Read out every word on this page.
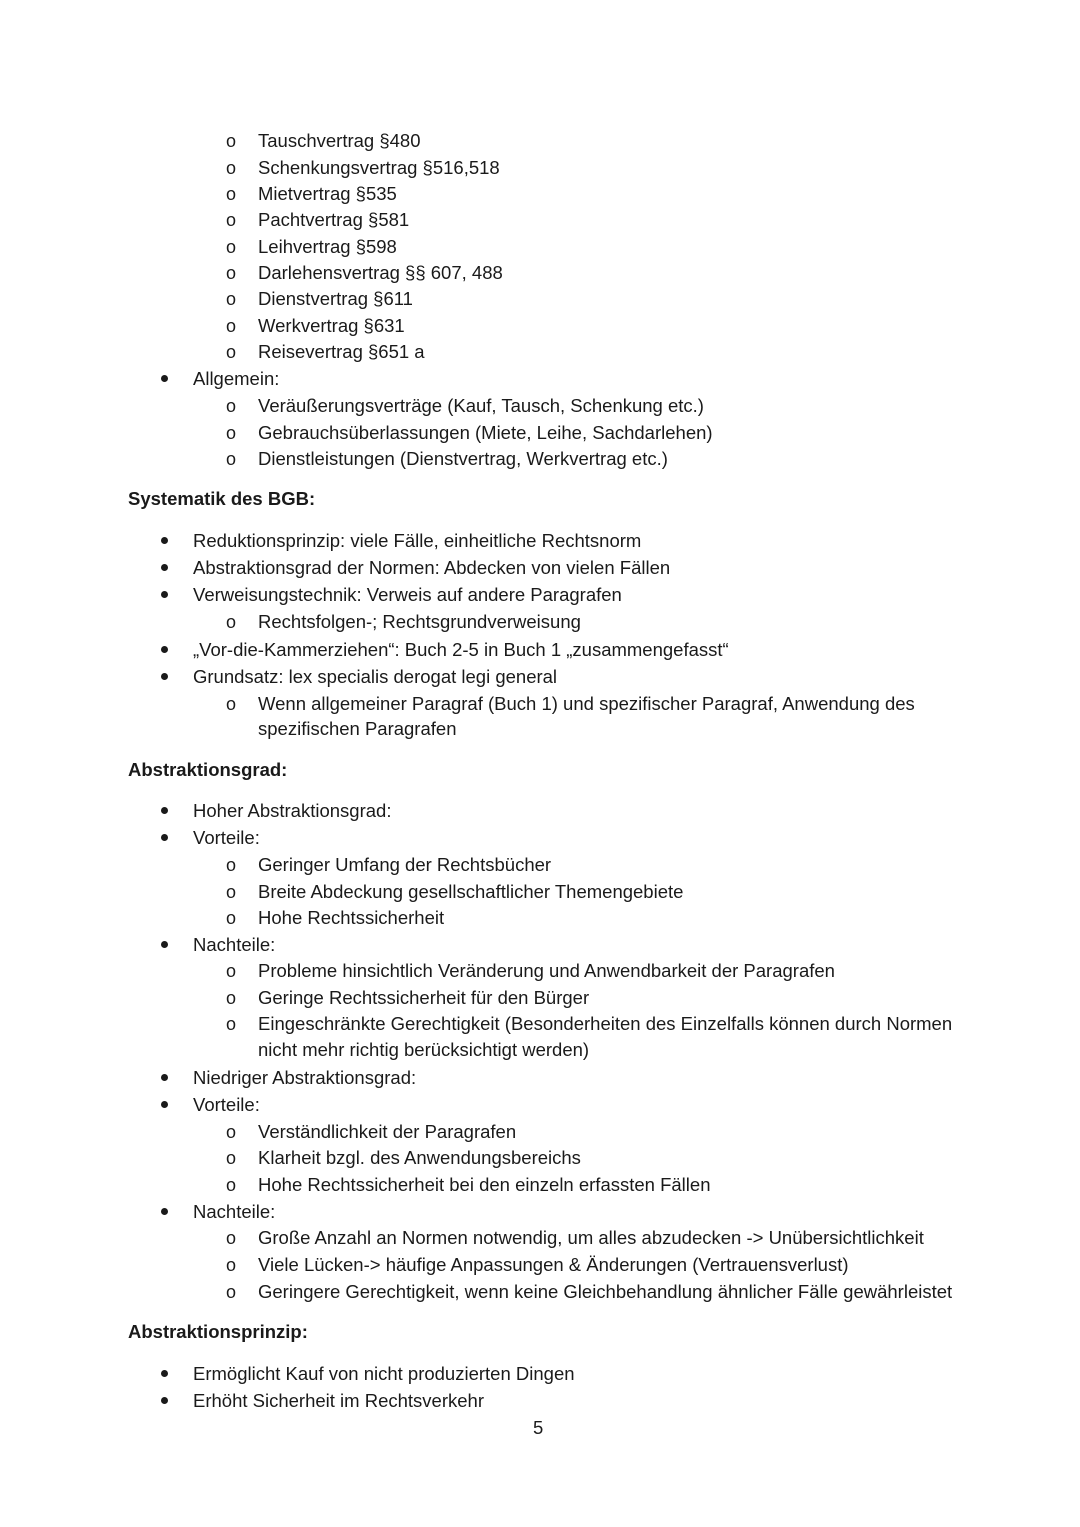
o Tauschvertrag §480
o Schenkungsvertrag §516,518
o Mietvertrag §535
o Pachtvertrag §581
o Leihvertrag §598
o Darlehensvertrag §§ 607, 488
o Dienstvertrag §611
o Werkvertrag §631
o Reisevertrag §651 a
Allgemein:
o Veräußerungsverträge (Kauf, Tausch, Schenkung etc.)
o Gebrauchsüberlassungen (Miete, Leihe, Sachdarlehen)
o Dienstleistungen (Dienstvertrag, Werkvertrag etc.)
Systematik des BGB:
Reduktionsprinzip: viele Fälle, einheitliche Rechtsnorm
Abstraktionsgrad der Normen: Abdecken von vielen Fällen
Verweisungstechnik: Verweis auf andere Paragrafen
o Rechtsfolgen-; Rechtsgrundverweisung
„Vor-die-Kammerziehen“: Buch 2-5 in Buch 1 „zusammengefasst“
Grundsatz: lex specialis derogat legi general
o Wenn allgemeiner Paragraf (Buch 1) und spezifischer Paragraf, Anwendung des
spezifischen Paragrafen
Abstraktionsgrad:
Hoher Abstraktionsgrad:
Vorteile:
o Geringer Umfang der Rechtsbücher
o Breite Abdeckung gesellschaftlicher Themengebiete
o Hohe Rechtssicherheit
Nachteile:
o Probleme hinsichtlich Veränderung und Anwendbarkeit der Paragrafen
o Geringe Rechtssicherheit für den Bürger
o Eingeschränkte Gerechtigkeit (Besonderheiten des Einzelfalls können durch Normen
nicht mehr richtig berücksichtigt werden)
Niedriger Abstraktionsgrad:
Vorteile:
o Verständlichkeit der Paragrafen
o Klarheit bzgl. des Anwendungsbereichs
o Hohe Rechtssicherheit bei den einzeln erfassten Fällen
Nachteile:
o Große Anzahl an Normen notwendig, um alles abzudecken -> Unübersichtlichkeit
o Viele Lücken-> häufige Anpassungen & Änderungen (Vertrauensverlust)
o Geringere Gerechtigkeit, wenn keine Gleichbehandlung ähnlicher Fälle gewährleistet
Abstraktionsprinzip:
Ermöglicht Kauf von nicht produzierten Dingen
Erhöht Sicherheit im Rechtsverkehr
5
